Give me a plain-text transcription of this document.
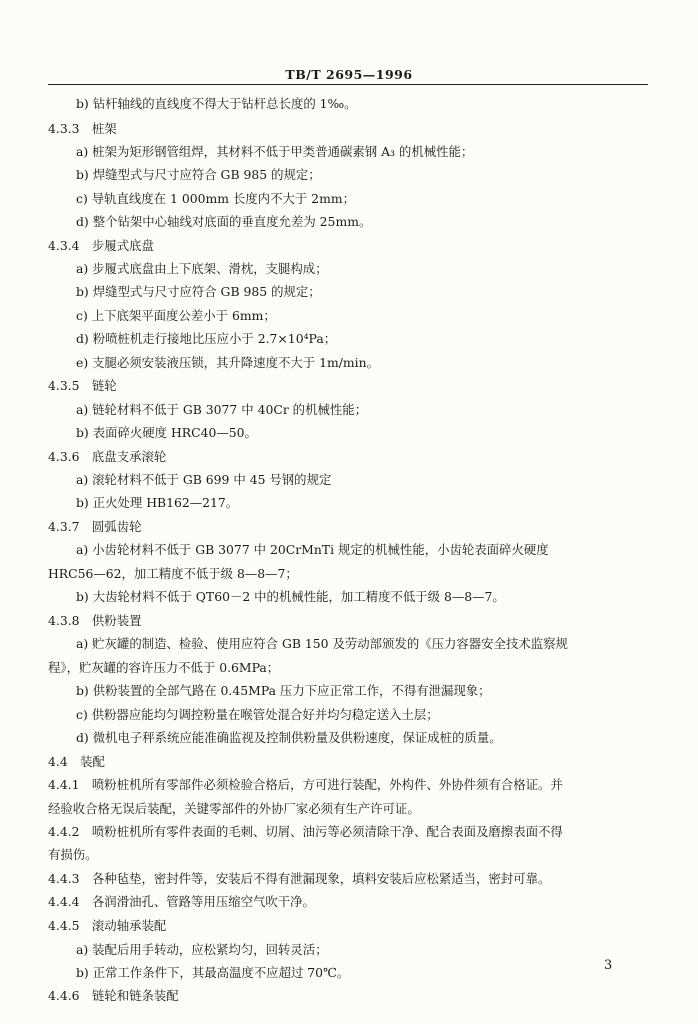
TB/T 2695—1996
b) 钻杆轴线的直线度不得大于钻杆总长度的 1‰。
4.3.3　桩架
a) 桩架为矩形钢管组焊，其材料不低于甲类普通碳素钢 A₃ 的机械性能；
b) 焊缝型式与尺寸应符合 GB 985 的规定；
c) 导轨直线度在 1 000mm 长度内不大于 2mm；
d) 整个钻架中心轴线对底面的垂直度允差为 25mm。
4.3.4　步履式底盘
a) 步履式底盘由上下底架、滑枕，支腿构成；
b) 焊缝型式与尺寸应符合 GB 985 的规定；
c) 上下底架平面度公差小于 6mm；
d) 粉喷桩机走行接地比压应小于 2.7×10⁴Pa；
e) 支腿必须安装液压锁，其升降速度不大于 1m/min。
4.3.5　链轮
a) 链轮材料不低于 GB 3077 中 40Cr 的机械性能；
b) 表面碎火硬度 HRC40—50。
4.3.6　底盘支承滚轮
a) 滚轮材料不低于 GB 699 中 45 号钢的规定
b) 正火处理 HB162—217。
4.3.7　圆弧齿轮
a) 小齿轮材料不低于 GB 3077 中 20CrMnTi 规定的机械性能，小齿轮表面碎火硬度
HRC56—62，加工精度不低于级 8—8—7；
b) 大齿轮材料不低于 QT60－2 中的机械性能，加工精度不低于级 8—8—7。
4.3.8　供粉装置
a) 贮灰罐的制造、检验、使用应符合 GB 150 及劳动部颁发的《压力容器安全技术监察规
程》，贮灰罐的容许压力不低于 0.6MPa；
b) 供粉装置的全部气路在 0.45MPa 压力下应正常工作，不得有泄漏现象；
c) 供粉器应能均匀调控粉量在喉管处混合好并均匀稳定送入土层；
d) 微机电子秤系统应能准确监视及控制供粉量及供粉速度，保证成桩的质量。
4.4　装配
4.4.1　喷粉桩机所有零部件必须检验合格后，方可进行装配，外构件、外协件须有合格证。并
经验收合格无误后装配，关键零部件的外协厂家必须有生产许可证。
4.4.2　喷粉桩机所有零件表面的毛刺、切屑、油污等必须清除干净、配合表面及磨擦表面不得
有损伤。
4.4.3　各种毡垫，密封件等，安装后不得有泄漏现象，填料安装后应松紧适当，密封可靠。
4.4.4　各润滑油孔、管路等用压缩空气吹干净。
4.4.5　滚动轴承装配
a) 装配后用手转动，应松紧均匀，回转灵活；
b) 正常工作条件下，其最高温度不应超过 70℃。
4.4.6　链轮和链条装配
3
